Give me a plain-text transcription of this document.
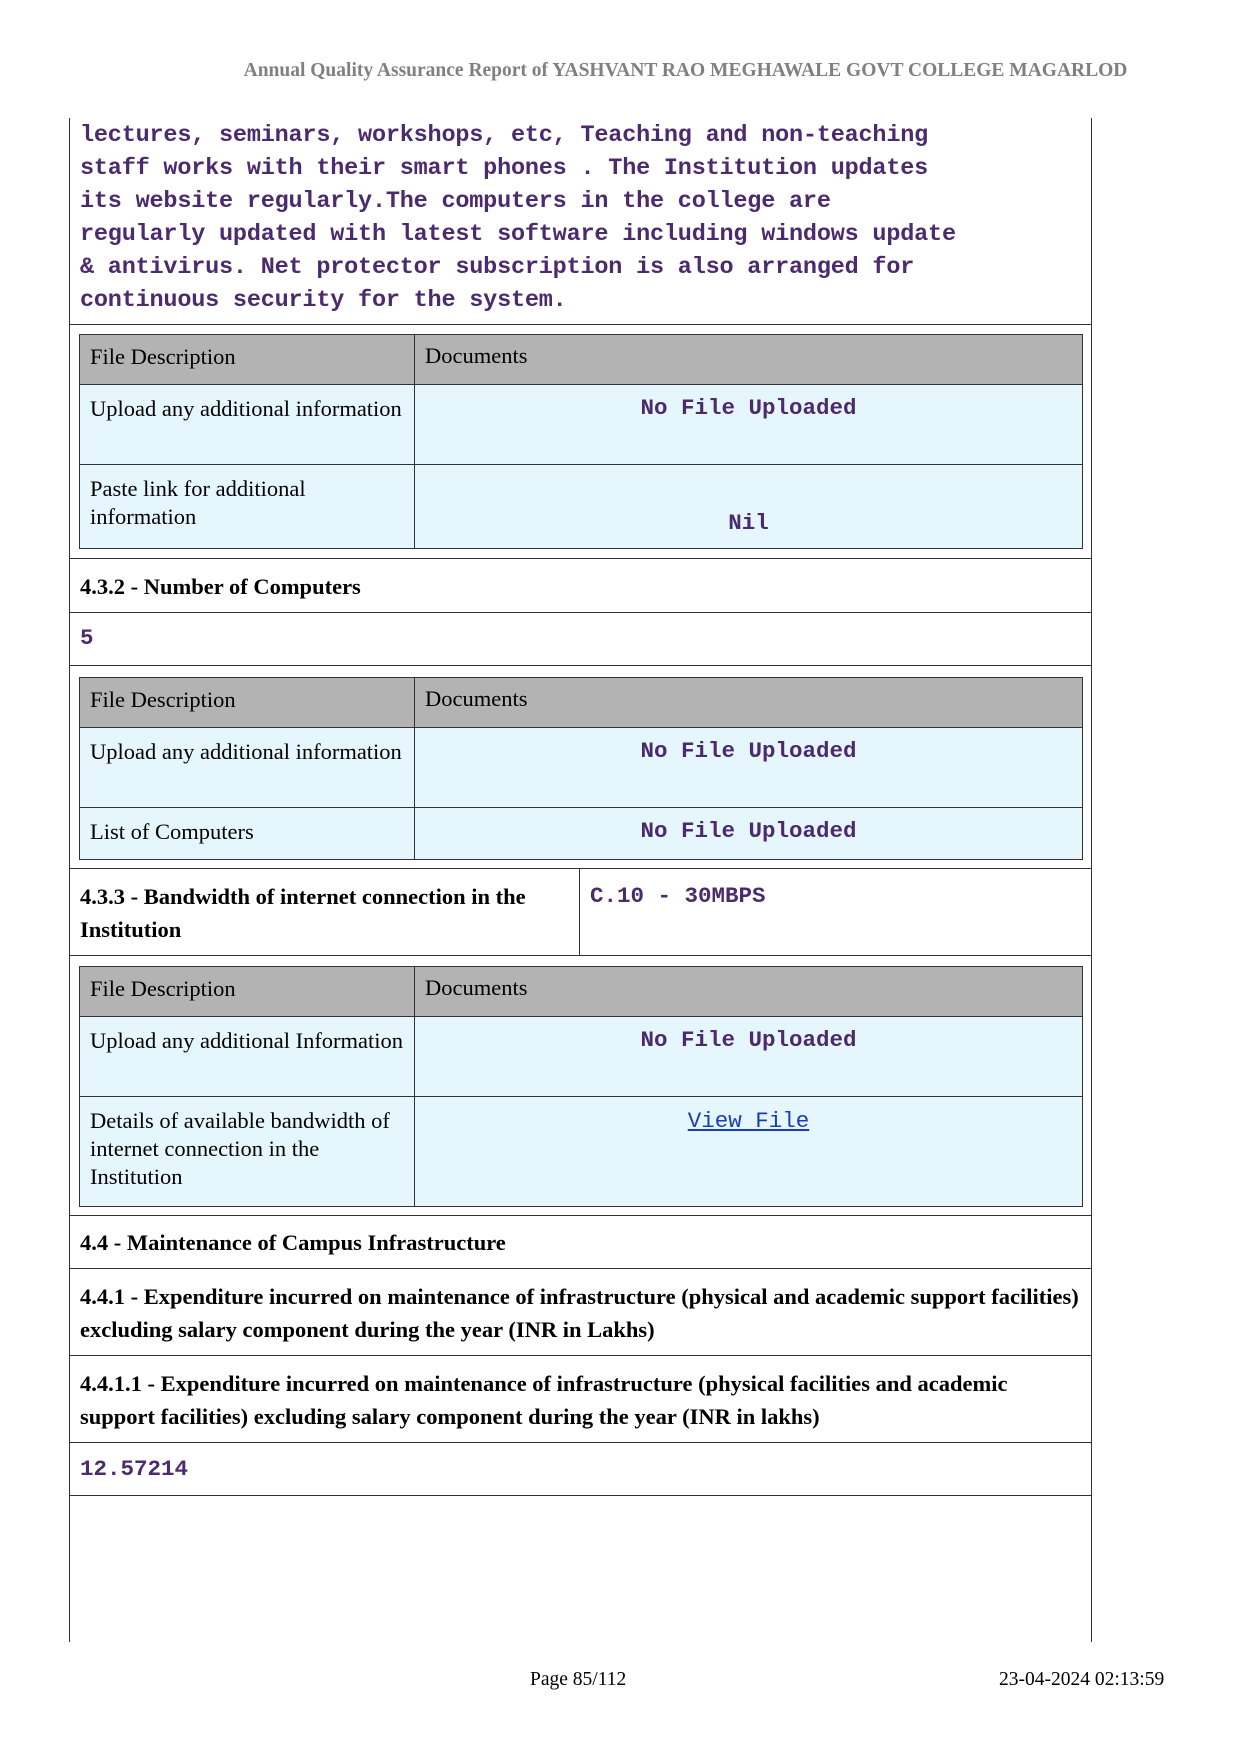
Annual Quality Assurance Report of YASHVANT RAO MEGHAWALE GOVT COLLEGE MAGARLOD
lectures, seminars, workshops, etc, Teaching and non-teaching
staff works with their smart phones . The Institution updates
its website regularly.The computers in the college are
regularly updated with latest software including windows update
& antivirus. Net protector subscription is also arranged for
continuous security for the system.
File Description	Documents
Upload any additional information	No File Uploaded
Paste link for additional information	Nil
4.3.2 - Number of Computers
5
File Description	Documents
Upload any additional information	No File Uploaded
List of Computers	No File Uploaded
4.3.3 - Bandwidth of internet connection in the Institution
C.10 - 30MBPS
File Description	Documents
Upload any additional Information	No File Uploaded
Details of available bandwidth of internet connection in the Institution	View File
4.4 - Maintenance of Campus Infrastructure
4.4.1 - Expenditure incurred on maintenance of infrastructure (physical and academic support facilities) excluding salary component during the year (INR in Lakhs)
4.4.1.1 - Expenditure incurred on maintenance of infrastructure (physical facilities and academic support facilities) excluding salary component during the year (INR in lakhs)
12.57214
Page 85/112	23-04-2024 02:13:59
